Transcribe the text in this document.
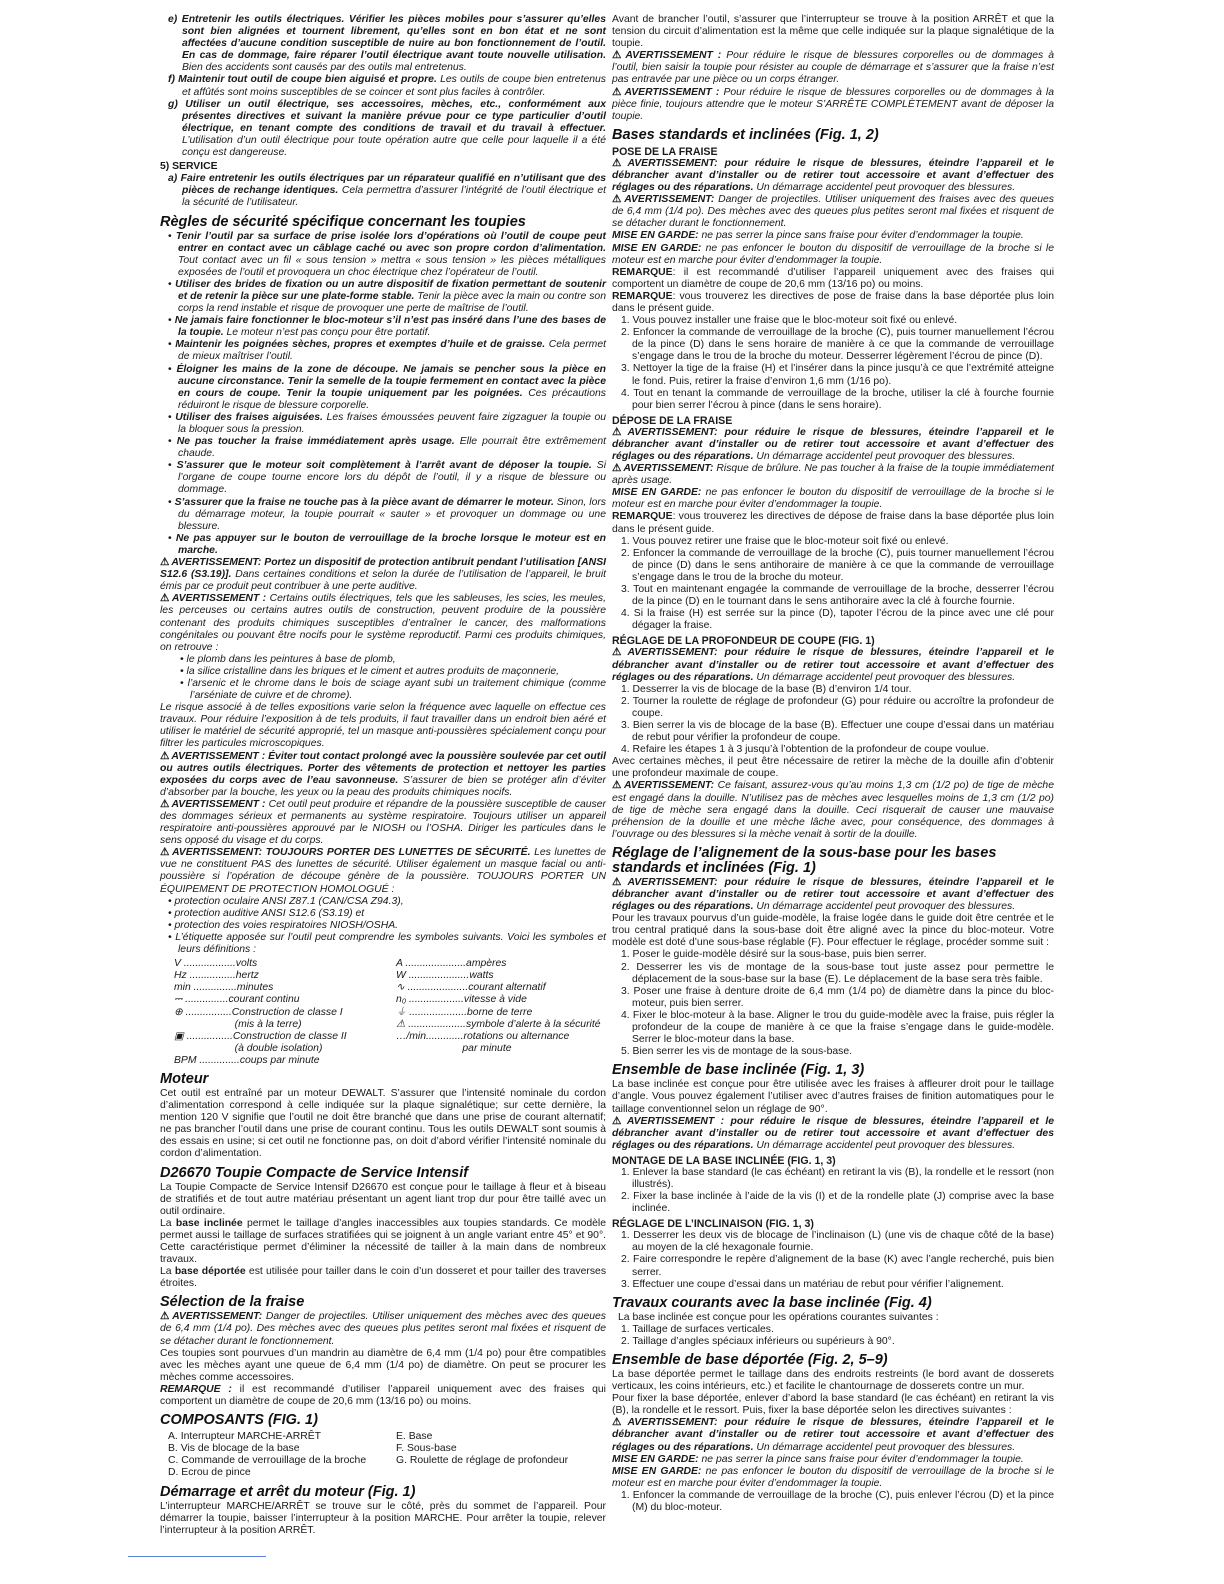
e) Entretenir les outils électriques. Vérifier les pièces mobiles pour s’assurer qu’elles sont bien alignées et tournent librement, qu’elles sont en bon état et ne sont affectées d’aucune condition susceptible de nuire au bon fonctionnement de l’outil. En cas de dommage, faire réparer l’outil électrique avant toute nouvelle utilisation. Bien des accidents sont causés par des outils mal entretenus.

f) Maintenir tout outil de coupe bien aiguisé et propre. Les outils de coupe bien entretenus et affûtés sont moins susceptibles de se coincer et sont plus faciles à contrôler.

g) Utiliser un outil électrique, ses accessoires, mèches, etc., conformément aux présentes directives et suivant la manière prévue pour ce type particulier d’outil électrique, en tenant compte des conditions de travail et du travail à effectuer. L’utilisation d’un outil électrique pour toute opération autre que celle pour laquelle il a été conçu est dangereuse.

5) SERVICE

a) Faire entretenir les outils électriques par un réparateur qualifié en n’utilisant que des pièces de rechange identiques. Cela permettra d’assurer l’intégrité de l’outil électrique et la sécurité de l’utilisateur.

Règles de sécurité spécifique concernant les toupies

• Tenir l’outil par sa surface de prise isolée lors d’opérations où l’outil de coupe peut entrer en contact avec un câblage caché ou avec son propre cordon d’alimentation. Tout contact avec un fil « sous tension » mettra « sous tension » les pièces métalliques exposées de l’outil et provoquera un choc électrique chez l’opérateur de l’outil.

• Utiliser des brides de fixation ou un autre dispositif de fixation permettant de soutenir et de retenir la pièce sur une plate-forme stable. Tenir la pièce avec la main ou contre son corps la rend instable et risque de provoquer une perte de maîtrise de l’outil.

• Ne jamais faire fonctionner le bloc-moteur s’il n’est pas inséré dans l’une des bases de la toupie. Le moteur n’est pas conçu pour être portatif.

• Maintenir les poignées sèches, propres et exemptes d’huile et de graisse. Cela permet de mieux maîtriser l’outil.

• Éloigner les mains de la zone de découpe. Ne jamais se pencher sous la pièce en aucune circonstance. Tenir la semelle de la toupie fermement en contact avec la pièce en cours de coupe. Tenir la toupie uniquement par les poignées. Ces précautions réduiront le risque de blessure corporelle.

• Utiliser des fraises aiguisées. Les fraises émoussées peuvent faire zigzaguer la toupie ou la bloquer sous la pression.

• Ne pas toucher la fraise immédiatement après usage. Elle pourrait être extrêmement chaude.

• S’assurer que le moteur soit complètement à l’arrêt avant de déposer la toupie. Si l’organe de coupe tourne encore lors du dépôt de l’outil, il y a risque de blessure ou dommage.

• S’assurer que la fraise ne touche pas à la pièce avant de démarrer le moteur. Sinon, lors du démarrage moteur, la toupie pourrait « sauter » et provoquer un dommage ou une blessure.

• Ne pas appuyer sur le bouton de verrouillage de la broche lorsque le moteur est en marche.

⚠ AVERTISSEMENT: Portez un dispositif de protection antibruit pendant l’utilisation [ANSI S12.6 (S3.19)]. Dans certaines conditions et selon la durée de l’utilisation de l’appareil, le bruit émis par ce produit peut contribuer à une perte auditive.

⚠ AVERTISSEMENT : Certains outils électriques, tels que les sableuses, les scies, les meules, les perceuses ou certains autres outils de construction, peuvent produire de la poussière contenant des produits chimiques susceptibles d’entraîner le cancer, des malformations congénitales ou pouvant être nocifs pour le système reproductif. Parmi ces produits chimiques, on retrouve :

• le plomb dans les peintures à base de plomb,

• la silice cristalline dans les briques et le ciment et autres produits de maçonnerie,

• l’arsenic et le chrome dans le bois de sciage ayant subi un traitement chimique (comme l’arséniate de cuivre et de chrome).

Le risque associé à de telles expositions varie selon la fréquence avec laquelle on effectue ces travaux. Pour réduire l’exposition à de tels produits, il faut travailler dans un endroit bien aéré et utiliser le matériel de sécurité approprié, tel un masque anti-poussières spécialement conçu pour filtrer les particules microscopiques.

⚠ AVERTISSEMENT : Éviter tout contact prolongé avec la poussière soulevée par cet outil ou autres outils électriques. Porter des vêtements de protection et nettoyer les parties exposées du corps avec de l’eau savonneuse. S’assurer de bien se protéger afin d’éviter d’absorber par la bouche, les yeux ou la peau des produits chimiques nocifs.

⚠ AVERTISSEMENT : Cet outil peut produire et répandre de la poussière susceptible de causer des dommages sérieux et permanents au système respiratoire. Toujours utiliser un appareil respiratoire anti-poussières approuvé par le NIOSH ou l’OSHA. Diriger les particules dans le sens opposé du visage et du corps.

⚠ AVERTISSEMENT: TOUJOURS PORTER DES LUNETTES DE SÉCURITÉ. Les lunettes de vue ne constituent PAS des lunettes de sécurité. Utiliser également un masque facial ou anti-poussière si l’opération de découpe génère de la poussière. TOUJOURS PORTER UN ÉQUIPEMENT DE PROTECTION HOMOLOGUÉ :

• protection oculaire ANSI Z87.1 (CAN/CSA Z94.3),

• protection auditive ANSI S12.6 (S3.19) et

• protection des voies respiratoires NIOSH/OSHA.

• L’étiquette apposée sur l’outil peut comprendre les symboles suivants. Voici les symboles et leurs définitions :

V ..................volts	A .....................ampères
Hz ................hertz	W .....................watts
min ...............minutes	∿ .....................courant alternatif
⎓ ...............courant continu	n₀ ...................vitesse à vide
⊕ ................Construction de classe I	⏚ ....................borne de terre
(mis à la terre)	⚠ ....................symbole d’alerte à la sécurité
▣ ................Construction de classe II	…/min.............rotations ou alternance
(à double isolation)	par minute
BPM ..............coups par minute
Moteur

Cet outil est entraîné par un moteur DEWALT. S’assurer que l’intensité nominale du cordon d’alimentation correspond à celle indiquée sur la plaque signalétique; sur cette dernière, la mention 120 V signifie que l’outil ne doit être branché que dans une prise de courant alternatif; ne pas brancher l’outil dans une prise de courant continu. Tous les outils DEWALT sont soumis à des essais en usine; si cet outil ne fonctionne pas, on doit d’abord vérifier l’intensité nominale du cordon d’alimentation.

D26670 Toupie Compacte de Service Intensif

La Toupie Compacte de Service Intensif D26670 est conçue pour le taillage à fleur et à biseau de stratifiés et de tout autre matériau présentant un agent liant trop dur pour être taillé avec un outil ordinaire.

La base inclinée permet le taillage d’angles inaccessibles aux toupies standards. Ce modèle permet aussi le taillage de surfaces stratifiées qui se joignent à un angle variant entre 45° et 90°. Cette caractéristique permet d’éliminer la nécessité de tailler à la main dans de nombreux travaux.

La base déportée est utilisée pour tailler dans le coin d’un dosseret et pour tailler des traverses étroites.

Sélection de la fraise

⚠ AVERTISSEMENT: Danger de projectiles. Utiliser uniquement des mèches avec des queues de 6,4 mm (1/4 po). Des mèches avec des queues plus petites seront mal fixées et risquent de se détacher durant le fonctionnement.

Ces toupies sont pourvues d’un mandrin au diamètre de 6,4 mm (1/4 po) pour être compatibles avec les mèches ayant une queue de 6,4 mm (1/4 po) de diamètre. On peut se procurer les mèches comme accessoires.

REMARQUE : il est recommandé d’utiliser l’appareil uniquement avec des fraises qui comportent un diamètre de coupe de 20,6 mm (13/16 po) ou moins.

COMPOSANTS (FIG. 1)
A. Interrupteur MARCHE-ARRÊT	E. Base
B. Vis de blocage de la base	F. Sous-base
C. Commande de verrouillage de la broche	G. Roulette de réglage de profondeur
D. Ecrou de pince
Démarrage et arrêt du moteur (Fig. 1)

L’interrupteur MARCHE/ARRÊT se trouve sur le côté, près du sommet de l’appareil. Pour démarrer la toupie, baisser l’interrupteur à la position MARCHE. Pour arrêter la toupie, relever l’interrupteur à la position ARRÊT.

Avant de brancher l’outil, s’assurer que l’interrupteur se trouve à la position ARRÊT et que la tension du circuit d’alimentation est la même que celle indiquée sur la plaque signalétique de la toupie.

⚠ AVERTISSEMENT : Pour réduire le risque de blessures corporelles ou de dommages à l’outil, bien saisir la toupie pour résister au couple de démarrage et s’assurer que la fraise n’est pas entravée par une pièce ou un corps étranger.

⚠ AVERTISSEMENT : Pour réduire le risque de blessures corporelles ou de dommages à la pièce finie, toujours attendre que le moteur S’ARRÊTE COMPLÈTEMENT avant de déposer la toupie.

Bases standards et inclinées (Fig. 1, 2)
POSE DE LA FRAISE

⚠ AVERTISSEMENT: pour réduire le risque de blessures, éteindre l’appareil et le débrancher avant d’installer ou de retirer tout accessoire et avant d’effectuer des réglages ou des réparations. Un démarrage accidentel peut provoquer des blessures.

⚠ AVERTISSEMENT: Danger de projectiles. Utiliser uniquement des fraises avec des queues de 6,4 mm (1/4 po). Des mèches avec des queues plus petites seront mal fixées et risquent de se détacher durant le fonctionnement.

MISE EN GARDE: ne pas serrer la pince sans fraise pour éviter d’endommager la toupie.

MISE EN GARDE: ne pas enfoncer le bouton du dispositif de verrouillage de la broche si le moteur est en marche pour éviter d’endommager la toupie.

REMARQUE: il est recommandé d’utiliser l’appareil uniquement avec des fraises qui comportent un diamètre de coupe de 20,6 mm (13/16 po) ou moins.

REMARQUE: vous trouverez les directives de pose de fraise dans la base déportée plus loin dans le présent guide.

1. Vous pouvez installer une fraise que le bloc-moteur soit fixé ou enlevé.

2. Enfoncer la commande de verrouillage de la broche (C), puis tourner manuellement l’écrou de la pince (D) dans le sens horaire de manière à ce que la commande de verrouillage s’engage dans le trou de la broche du moteur. Desserrer légèrement l’écrou de pince (D).

3. Nettoyer la tige de la fraise (H) et l’insérer dans la pince jusqu’à ce que l’extrémité atteigne le fond. Puis, retirer la fraise d’environ 1,6 mm (1/16 po).

4. Tout en tenant la commande de verrouillage de la broche, utiliser la clé à fourche fournie pour bien serrer l’écrou à pince (dans le sens horaire).

DÉPOSE DE LA FRAISE

⚠ AVERTISSEMENT: pour réduire le risque de blessures, éteindre l’appareil et le débrancher avant d’installer ou de retirer tout accessoire et avant d’effectuer des réglages ou des réparations. Un démarrage accidentel peut provoquer des blessures.

⚠ AVERTISSEMENT: Risque de brûlure. Ne pas toucher à la fraise de la toupie immédiatement après usage.

MISE EN GARDE: ne pas enfoncer le bouton du dispositif de verrouillage de la broche si le moteur est en marche pour éviter d’endommager la toupie.

REMARQUE: vous trouverez les directives de dépose de fraise dans la base déportée plus loin dans le présent guide.

1. Vous pouvez retirer une fraise que le bloc-moteur soit fixé ou enlevé.

2. Enfoncer la commande de verrouillage de la broche (C), puis tourner manuellement l’écrou de pince (D) dans le sens antihoraire de manière à ce que la commande de verrouillage s’engage dans le trou de la broche du moteur.

3. Tout en maintenant engagée la commande de verrouillage de la broche, desserrer l’écrou de la pince (D) en le tournant dans le sens antihoraire avec la clé à fourche fournie.

4. Si la fraise (H) est serrée sur la pince (D), tapoter l’écrou de la pince avec une clé pour dégager la fraise.

RÉGLAGE DE LA PROFONDEUR DE COUPE (FIG. 1)

⚠ AVERTISSEMENT: pour réduire le risque de blessures, éteindre l’appareil et le débrancher avant d’installer ou de retirer tout accessoire et avant d’effectuer des réglages ou des réparations. Un démarrage accidentel peut provoquer des blessures.

1. Desserrer la vis de blocage de la base (B) d’environ 1/4 tour.

2. Tourner la roulette de réglage de profondeur (G) pour réduire ou accroître la profondeur de coupe.

3. Bien serrer la vis de blocage de la base (B). Effectuer une coupe d’essai dans un matériau de rebut pour vérifier la profondeur de coupe.

4. Refaire les étapes 1 à 3 jusqu’à l’obtention de la profondeur de coupe voulue.

Avec certaines mèches, il peut être nécessaire de retirer la mèche de la douille afin d’obtenir une profondeur maximale de coupe.

⚠ AVERTISSEMENT: Ce faisant, assurez-vous qu’au moins 1,3 cm (1/2 po) de tige de mèche est engagé dans la douille. N’utilisez pas de mèches avec lesquelles moins de 1,3 cm (1/2 po) de tige de mèche sera engagé dans la douille. Ceci risquerait de causer une mauvaise préhension de la douille et une mèche lâche avec, pour conséquence, des dommages à l’ouvrage ou des blessures si la mèche venait à sortir de la douille.

Réglage de l’alignement de la sous-base pour les bases standards et inclinées (Fig. 1)

⚠ AVERTISSEMENT: pour réduire le risque de blessures, éteindre l’appareil et le débrancher avant d’installer ou de retirer tout accessoire et avant d’effectuer des réglages ou des réparations. Un démarrage accidentel peut provoquer des blessures.

Pour les travaux pourvus d’un guide-modèle, la fraise logée dans le guide doit être centrée et le trou central pratiqué dans la sous-base doit être aligné avec la pince du bloc-moteur. Votre modèle est doté d’une sous-base réglable (F). Pour effectuer le réglage, procéder somme suit :

1. Poser le guide-modèle désiré sur la sous-base, puis bien serrer.

2. Desserrer les vis de montage de la sous-base tout juste assez pour permettre le déplacement de la sous-base sur la base (E). Le déplacement de la base sera très faible.

3. Poser une fraise à denture droite de 6,4 mm (1/4 po) de diamètre dans la pince du bloc-moteur, puis bien serrer.

4. Fixer le bloc-moteur à la base. Aligner le trou du guide-modèle avec la fraise, puis régler la profondeur de la coupe de manière à ce que la fraise s’engage dans le guide-modèle. Serrer le bloc-moteur dans la base.

5. Bien serrer les vis de montage de la sous-base.

Ensemble de base inclinée (Fig. 1, 3)

La base inclinée est conçue pour être utilisée avec les fraises à affleurer droit pour le taillage d’angle. Vous pouvez également l’utiliser avec d’autres fraises de finition automatiques pour le taillage conventionnel selon un réglage de 90°.

⚠ AVERTISSEMENT : pour réduire le risque de blessures, éteindre l’appareil et le débrancher avant d’installer ou de retirer tout accessoire et avant d’effectuer des réglages ou des réparations. Un démarrage accidentel peut provoquer des blessures.

MONTAGE DE LA BASE INCLINÉE (FIG. 1, 3)

1. Enlever la base standard (le cas échéant) en retirant la vis (B), la rondelle et le ressort (non illustrés).

2. Fixer la base inclinée à l’aide de la vis (I) et de la rondelle plate (J) comprise avec la base inclinée.

RÉGLAGE DE L’INCLINAISON (FIG. 1, 3)

1. Desserrer les deux vis de blocage de l’inclinaison (L) (une vis de chaque côté de la base) au moyen de la clé hexagonale fournie.

2. Faire correspondre le repère d’alignement de la base (K) avec l’angle recherché, puis bien serrer.

3. Effectuer une coupe d’essai dans un matériau de rebut pour vérifier l’alignement.

Travaux courants avec la base inclinée (Fig. 4)

La base inclinée est conçue pour les opérations courantes suivantes :

1. Taillage de surfaces verticales.

2. Taillage d’angles spéciaux inférieurs ou supérieurs à 90°.

Ensemble de base déportée (Fig. 2, 5–9)

La base déportée permet le taillage dans des endroits restreints (le bord avant de dosserets verticaux, les coins intérieurs, etc.) et facilite le chantournage de dosserets contre un mur.

Pour fixer la base déportée, enlever d’abord la base standard (le cas échéant) en retirant la vis (B), la rondelle et le ressort. Puis, fixer la base déportée selon les directives suivantes :

⚠ AVERTISSEMENT: pour réduire le risque de blessures, éteindre l’appareil et le débrancher avant d’installer ou de retirer tout accessoire et avant d’effectuer des réglages ou des réparations. Un démarrage accidentel peut provoquer des blessures.

MISE EN GARDE: ne pas serrer la pince sans fraise pour éviter d’endommager la toupie.

MISE EN GARDE: ne pas enfoncer le bouton du dispositif de verrouillage de la broche si le moteur est en marche pour éviter d’endommager la toupie.

1. Enfoncer la commande de verrouillage de la broche (C), puis enlever l’écrou (D) et la pince (M) du bloc-moteur.
